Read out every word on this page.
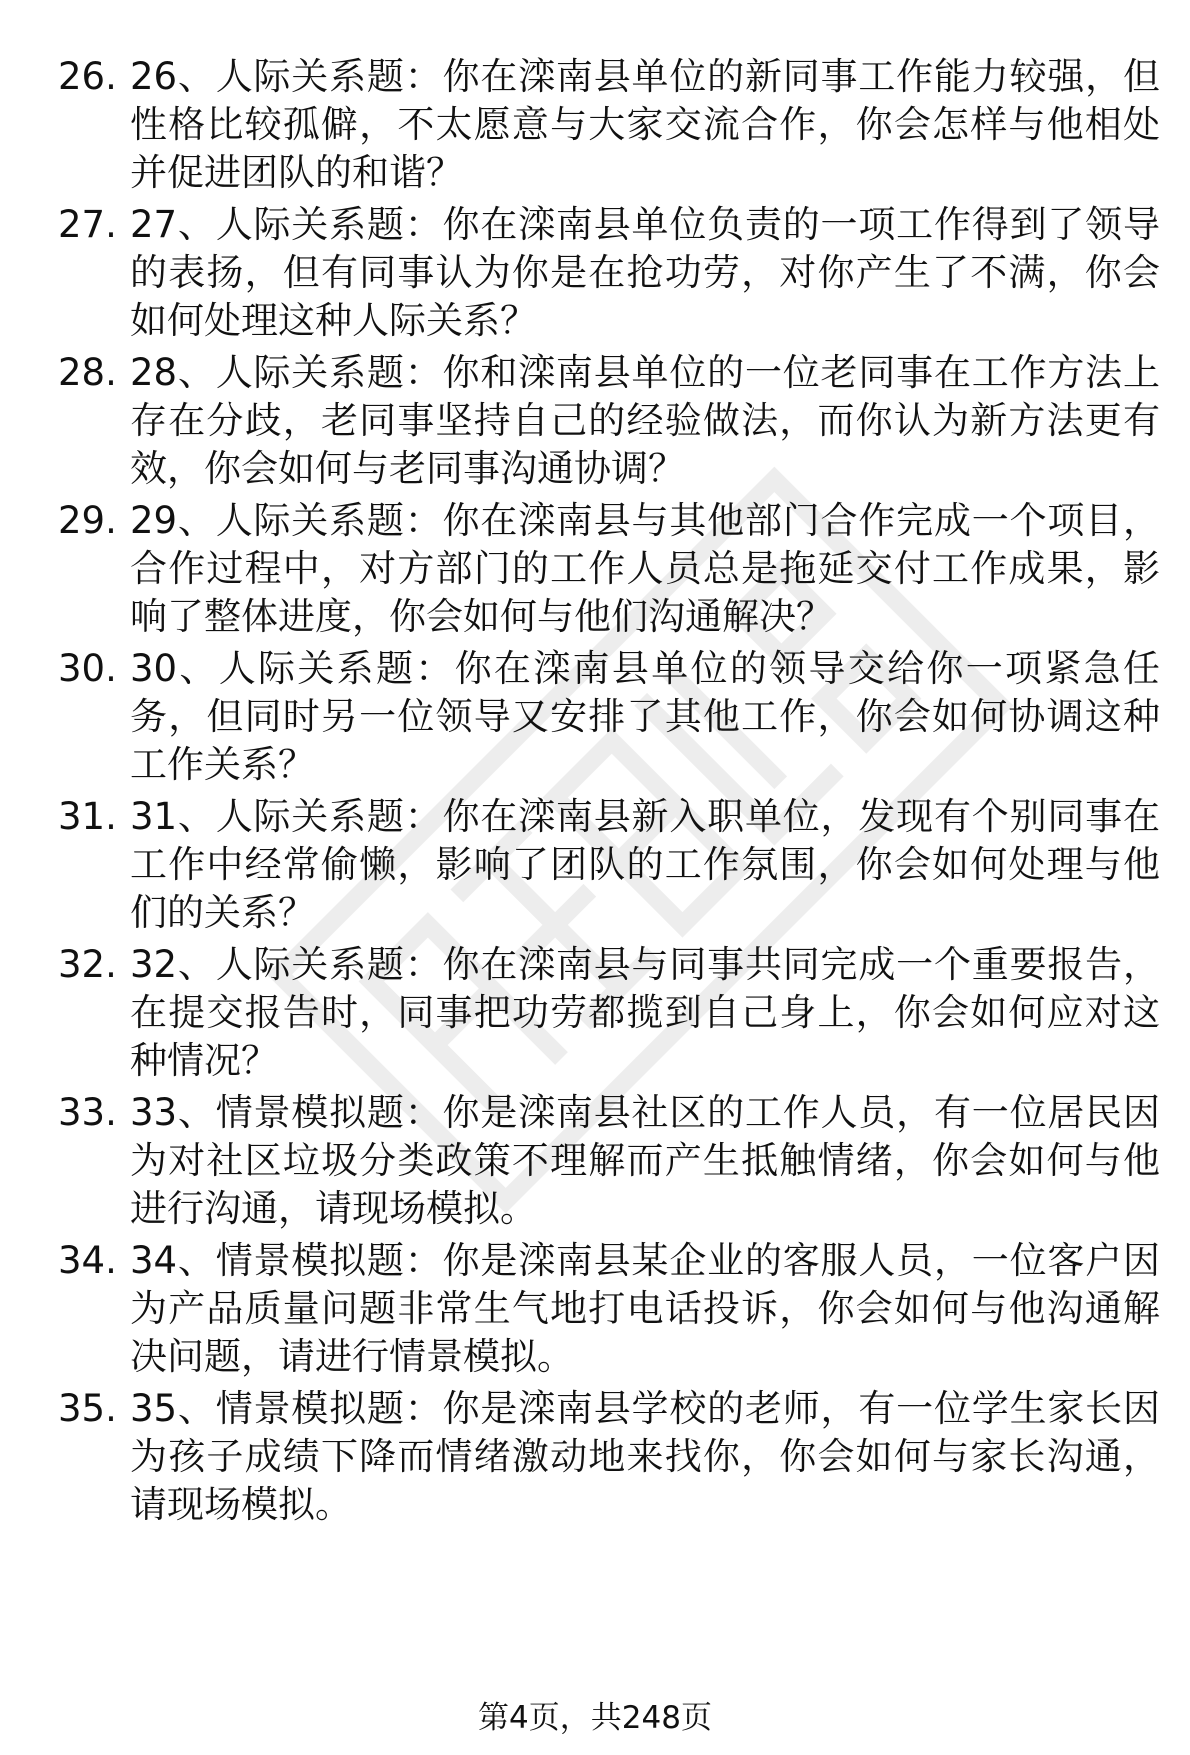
26. 26、人际关系题：你在滦南县单位的新同事工作能力较强，但性格比较孤僻，不太愿意与大家交流合作，你会怎样与他相处并促进团队的和谐？
27. 27、人际关系题：你在滦南县单位负责的一项工作得到了领导的表扬，但有同事认为你是在抢功劳，对你产生了不满，你会如何处理这种人际关系？
28. 28、人际关系题：你和滦南县单位的一位老同事在工作方法上存在分歧，老同事坚持自己的经验做法，而你认为新方法更有效，你会如何与老同事沟通协调？
29. 29、人际关系题：你在滦南县与其他部门合作完成一个项目，合作过程中，对方部门的工作人员总是拖延交付工作成果，影响了整体进度，你会如何与他们沟通解决？
30. 30、人际关系题：你在滦南县单位的领导交给你一项紧急任务，但同时另一位领导又安排了其他工作，你会如何协调这种工作关系？
31. 31、人际关系题：你在滦南县新入职单位，发现有个别同事在工作中经常偷懒，影响了团队的工作氛围，你会如何处理与他们的关系？
32. 32、人际关系题：你在滦南县与同事共同完成一个重要报告，在提交报告时，同事把功劳都揽到自己身上，你会如何应对这种情况？
33. 33、情景模拟题：你是滦南县社区的工作人员，有一位居民因为对社区垃圾分类政策不理解而产生抵触情绪，你会如何与他进行沟通，请现场模拟。
34. 34、情景模拟题：你是滦南县某企业的客服人员，一位客户因为产品质量问题非常生气地打电话投诉，你会如何与他沟通解决问题，请进行情景模拟。
35. 35、情景模拟题：你是滦南县学校的老师，有一位学生家长因为孩子成绩下降而情绪激动地来找你，你会如何与家长沟通，请现场模拟。
第4页，共248页
